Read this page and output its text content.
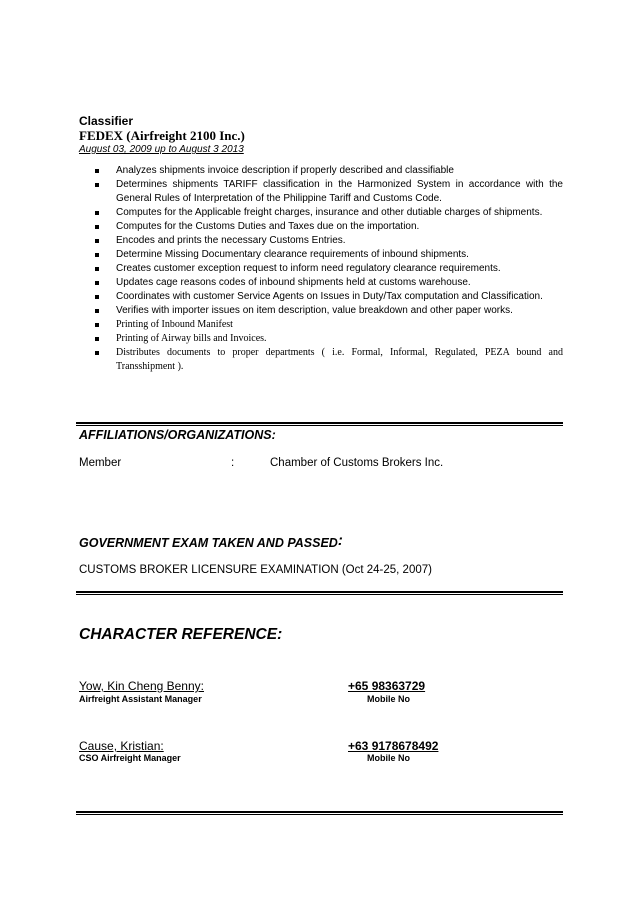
Classifier
FEDEX (Airfreight 2100 Inc.)
August 03, 2009 up to August 3 2013
Analyzes shipments invoice description if properly described and classifiable
Determines shipments TARIFF classification in the Harmonized System in accordance with the General Rules of Interpretation of the Philippine Tariff and Customs Code.
Computes for the Applicable freight charges, insurance and other dutiable charges of shipments.
Computes for the Customs Duties and Taxes due on the importation.
Encodes and prints the necessary Customs Entries.
Determine Missing Documentary clearance requirements of inbound shipments.
Creates customer exception request to inform need regulatory clearance requirements.
Updates cage reasons codes of inbound shipments held at customs warehouse.
Coordinates with customer Service Agents on Issues in Duty/Tax computation and Classification.
Verifies with importer issues on item description, value breakdown and other paper works.
Printing of Inbound Manifest
Printing of Airway bills and Invoices.
Distributes documents to proper departments ( i.e. Formal, Informal, Regulated, PEZA bound and Transshipment ).
AFFILIATIONS/ORGANIZATIONS:
Member	:	Chamber of Customs Brokers Inc.
GOVERNMENT EXAM TAKEN AND PASSED:
CUSTOMS BROKER LICENSURE EXAMINATION (Oct 24-25, 2007)
CHARACTER REFERENCE:
Yow, Kin Cheng Benny:	+65 98363729
Airfreight Assistant Manager	Mobile No
Cause, Kristian:	+63 9178678492
CSO Airfreight Manager	Mobile No
